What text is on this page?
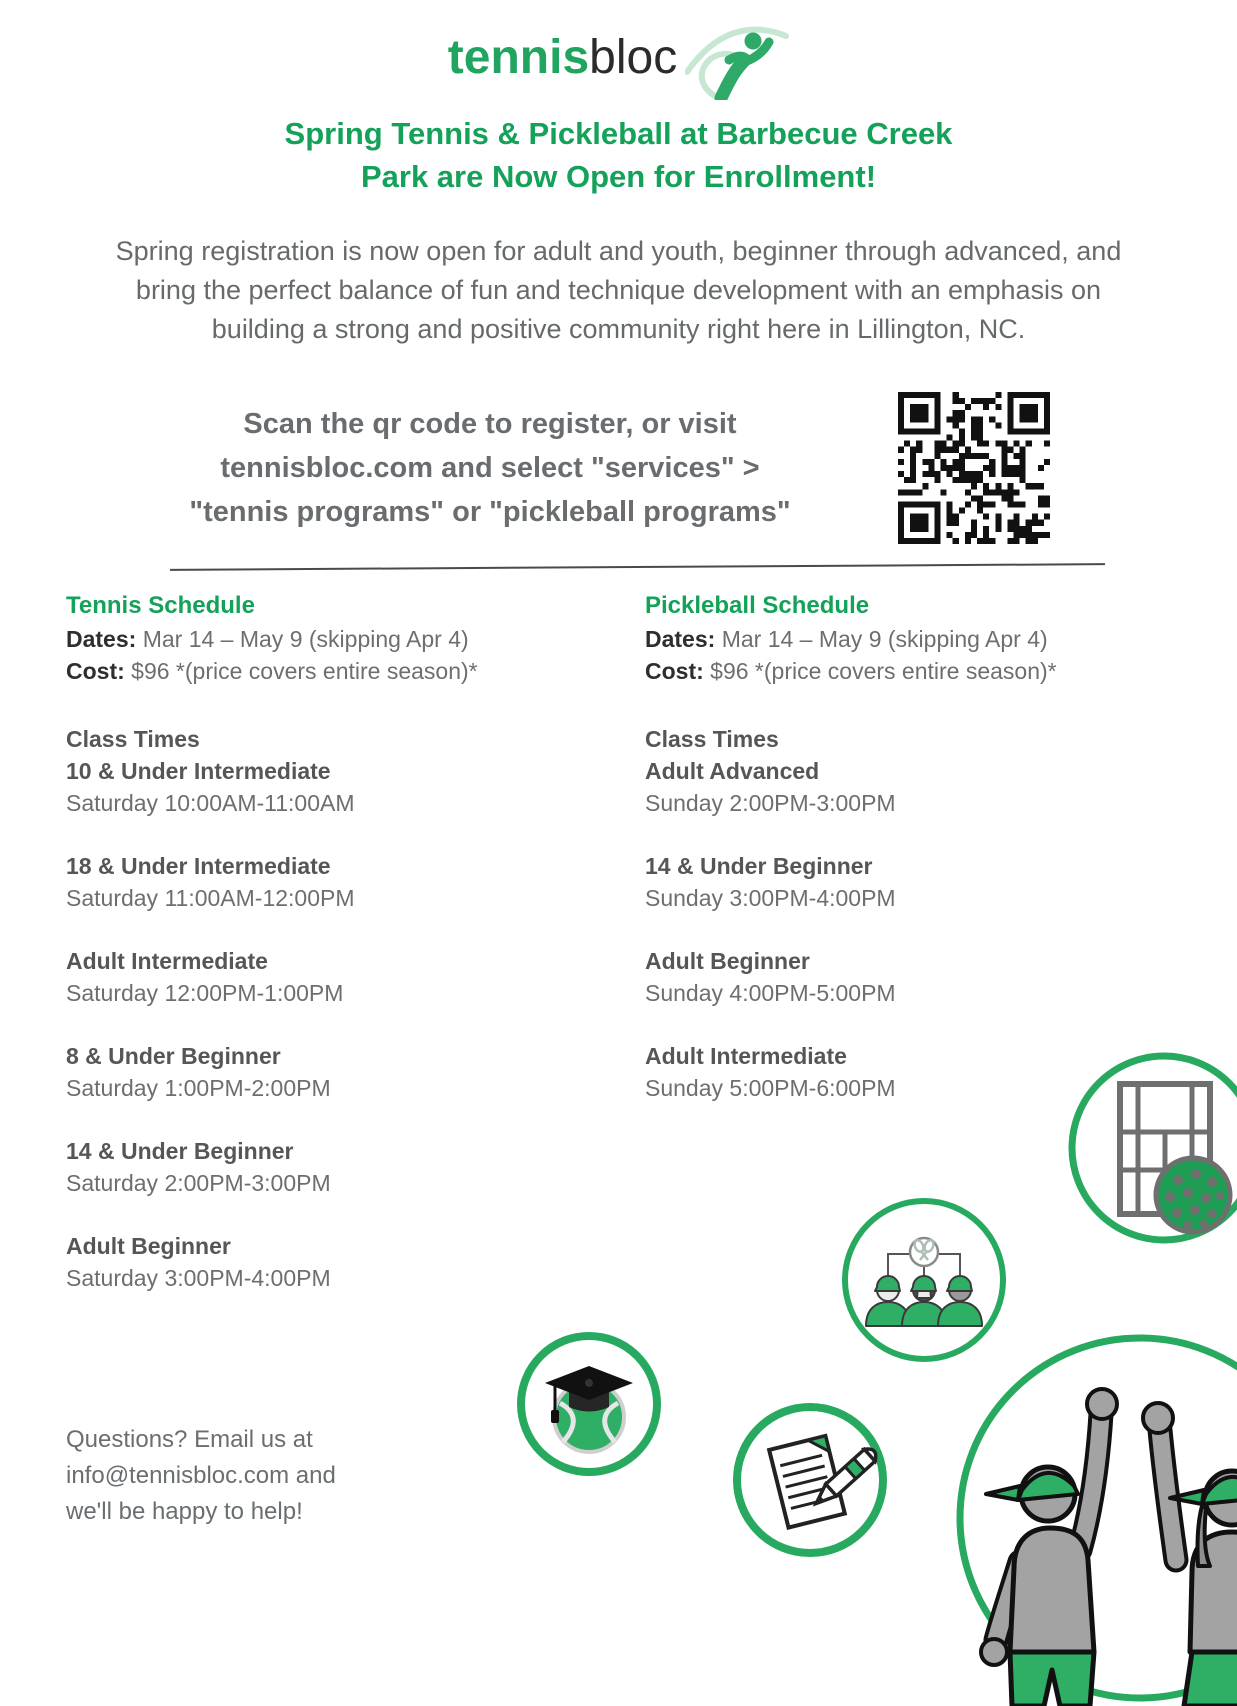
tennisbloc
Spring Tennis & Pickleball at Barbecue Creek
Park are Now Open for Enrollment!
Spring registration is now open for adult and youth, beginner through advanced, and bring the perfect balance of fun and technique development with an emphasis on building a strong and positive community right here in Lillington, NC.
Scan the qr code to register, or visit
tennisbloc.com and select "services" >
"tennis programs" or "pickleball programs"

Tennis Schedule

Dates: Mar 14 – May 9 (skipping Apr 4)

Cost: $96 *(price covers entire season)*

Class Times

10 & Under Intermediate

Saturday 10:00AM-11:00AM

18 & Under Intermediate

Saturday 11:00AM-12:00PM

Adult Intermediate

Saturday 12:00PM-1:00PM

8 & Under Beginner

Saturday 1:00PM-2:00PM

14 & Under Beginner

Saturday 2:00PM-3:00PM

Adult Beginner

Saturday 3:00PM-4:00PM

Pickleball Schedule

Dates: Mar 14 – May 9 (skipping Apr 4)

Cost: $96 *(price covers entire season)*

Class Times

Adult Advanced

Sunday 2:00PM-3:00PM

14 & Under Beginner

Sunday 3:00PM-4:00PM

Adult Beginner

Sunday 4:00PM-5:00PM

Adult Intermediate

Sunday 5:00PM-6:00PM

Questions? Email us at
info@tennisbloc.com and
we'll be happy to help!
